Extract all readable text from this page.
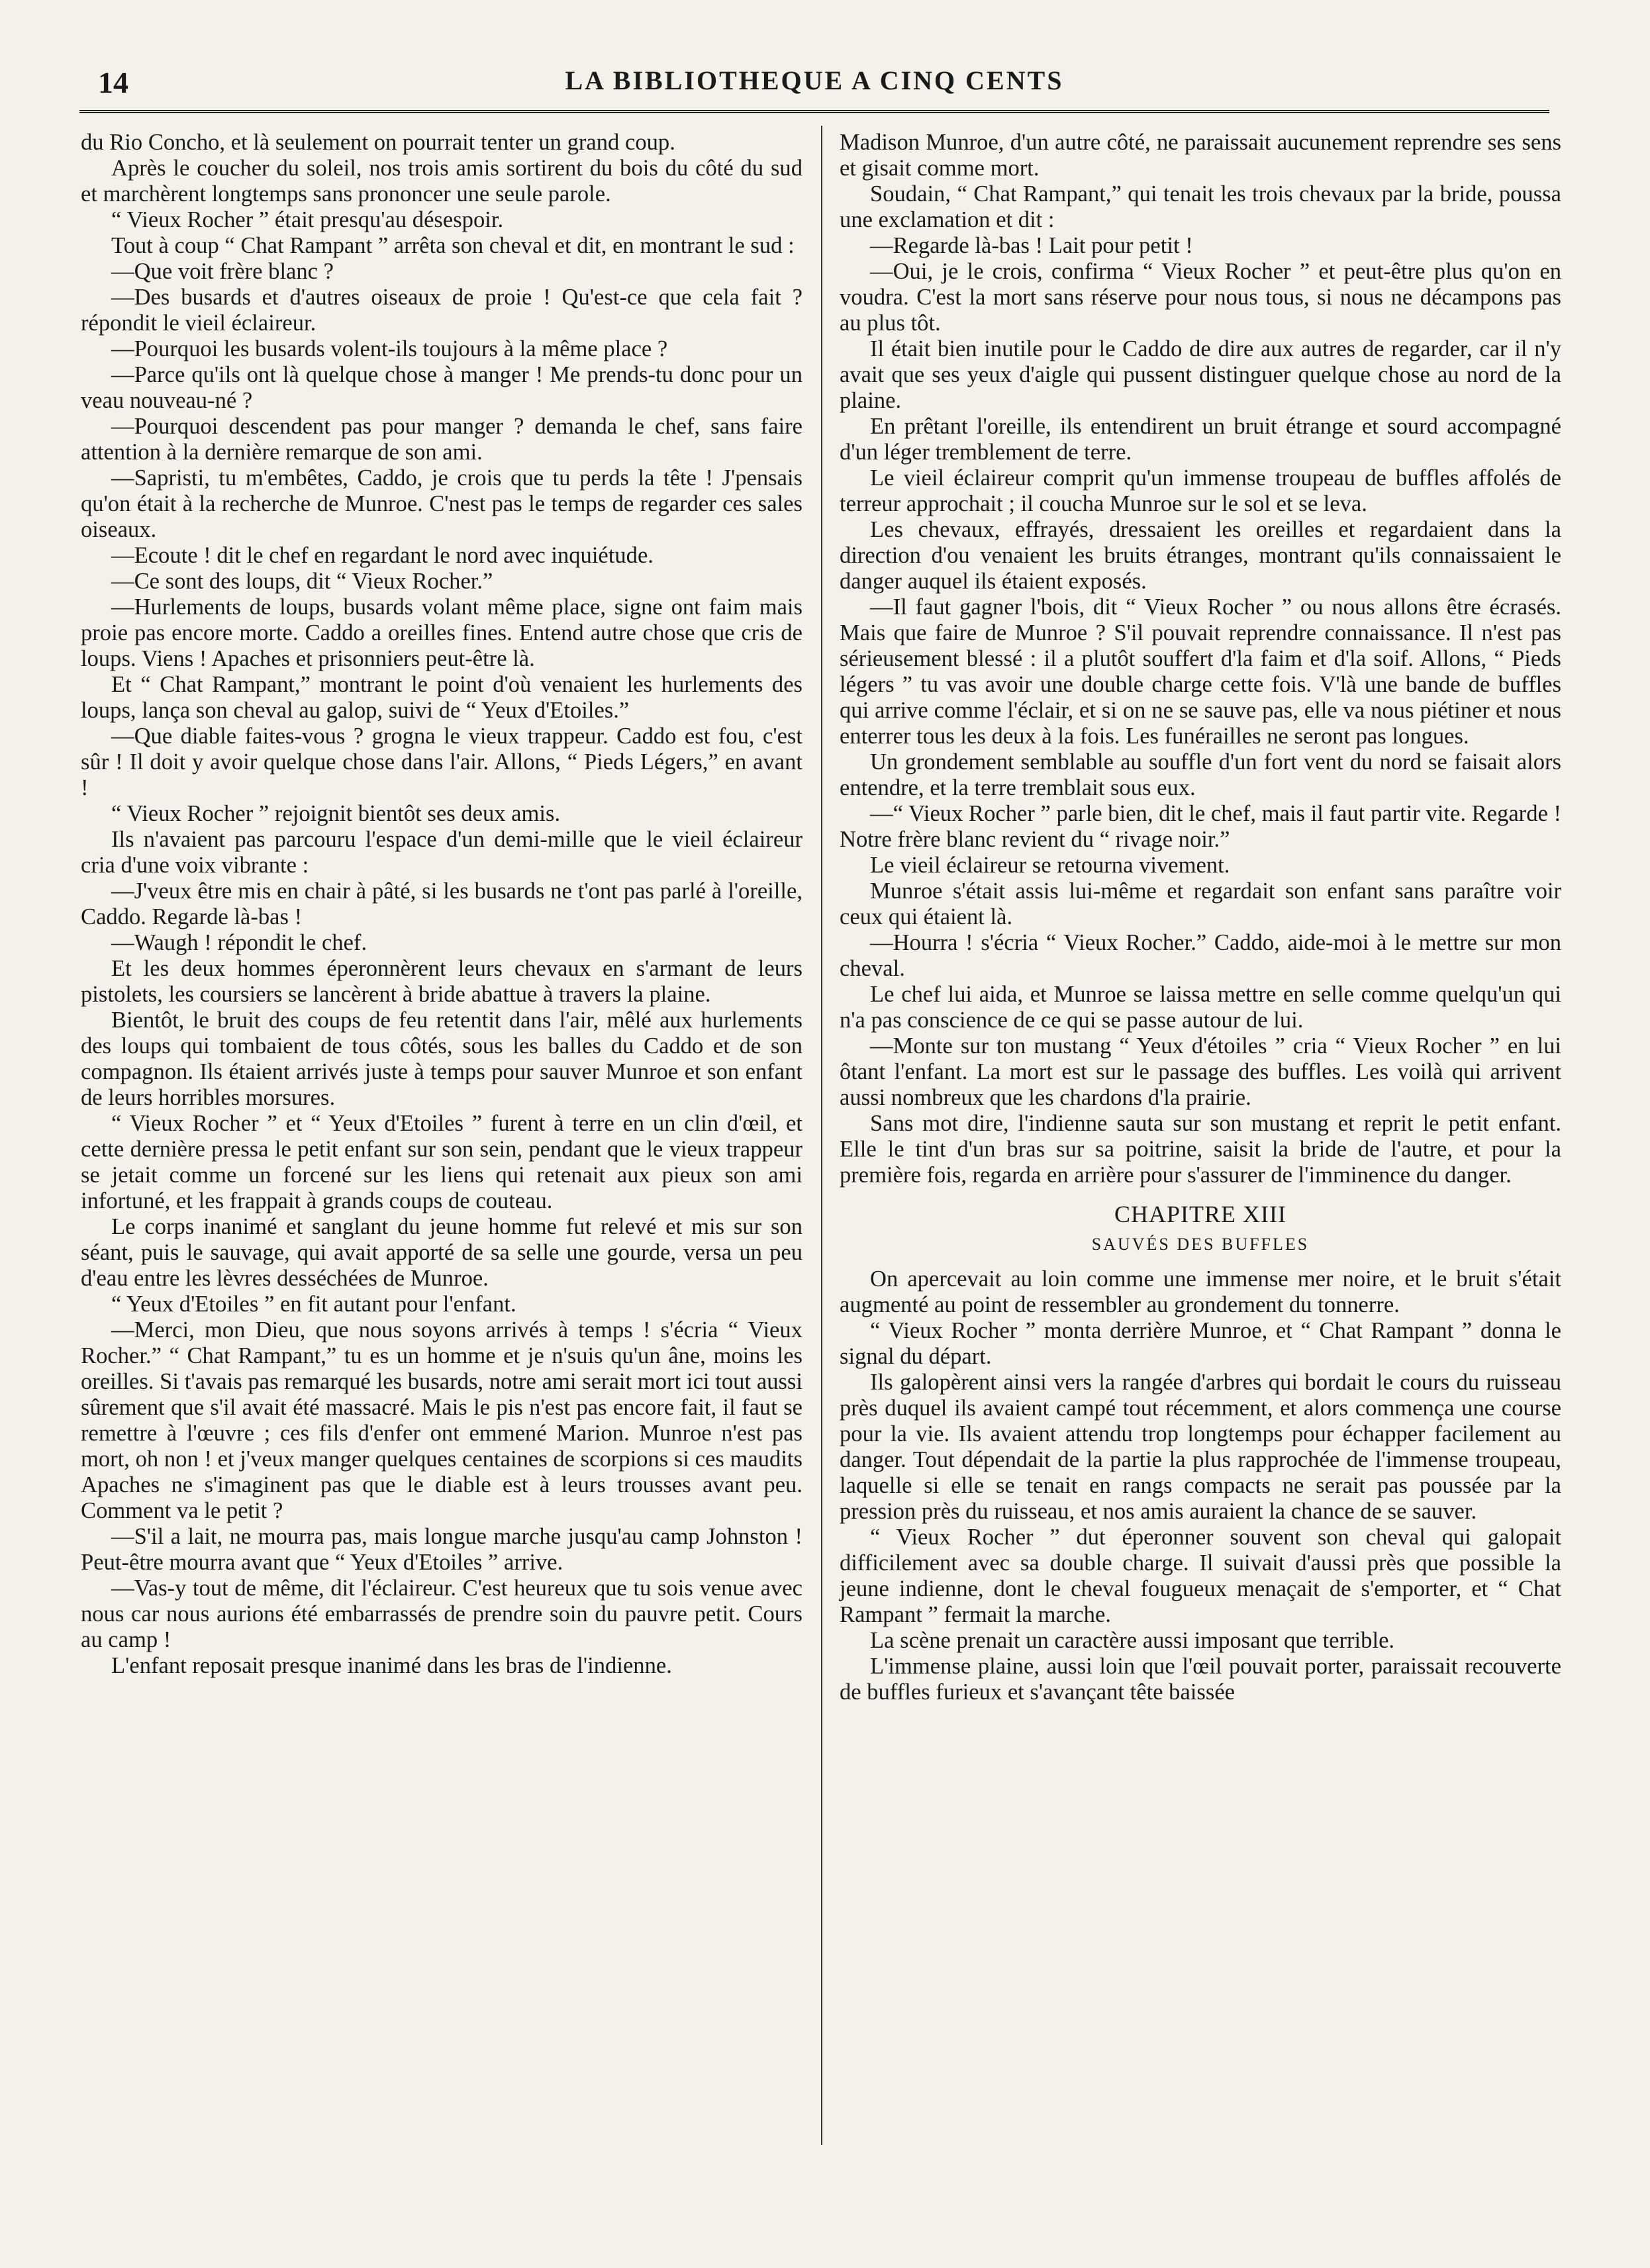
14	LA BIBLIOTHEQUE A CINQ CENTS

du Rio Concho, et là seulement on pourrait tenter un grand coup.

Après le coucher du soleil, nos trois amis sortirent du bois du côté du sud et marchèrent longtemps sans prononcer une seule parole.

“ Vieux Rocher ” était presqu'au désespoir.

Tout à coup “ Chat Rampant ” arrêta son cheval et dit, en montrant le sud :

—Que voit frère blanc ?

—Des busards et d'autres oiseaux de proie ! Qu'est-ce que cela fait ? répondit le vieil éclaireur.

—Pourquoi les busards volent-ils toujours à la même place ?

—Parce qu'ils ont là quelque chose à manger ! Me prends-tu donc pour un veau nouveau-né ?

—Pourquoi descendent pas pour manger ? demanda le chef, sans faire attention à la dernière remarque de son ami.

—Sapristi, tu m'embêtes, Caddo, je crois que tu perds la tête ! J'pensais qu'on était à la recherche de Munroe. C'nest pas le temps de regarder ces sales oiseaux.

—Ecoute ! dit le chef en regardant le nord avec inquiétude.

—Ce sont des loups, dit “ Vieux Rocher.”

—Hurlements de loups, busards volant même place, signe ont faim mais proie pas encore morte. Caddo a oreilles fines. Entend autre chose que cris de loups. Viens ! Apaches et prisonniers peut-être là.

Et “ Chat Rampant,” montrant le point d'où venaient les hurlements des loups, lança son cheval au galop, suivi de “ Yeux d'Etoiles.”

—Que diable faites-vous ? grogna le vieux trappeur. Caddo est fou, c'est sûr ! Il doit y avoir quelque chose dans l'air. Allons, “ Pieds Légers,” en avant !

“ Vieux Rocher ” rejoignit bientôt ses deux amis.

Ils n'avaient pas parcouru l'espace d'un demi-mille que le vieil éclaireur cria d'une voix vibrante :

—J'veux être mis en chair à pâté, si les busards ne t'ont pas parlé à l'oreille, Caddo. Regarde là-bas !

—Waugh ! répondit le chef.

Et les deux hommes éperonnèrent leurs chevaux en s'armant de leurs pistolets, les coursiers se lancèrent à bride abattue à travers la plaine.

Bientôt, le bruit des coups de feu retentit dans l'air, mêlé aux hurlements des loups qui tombaient de tous côtés, sous les balles du Caddo et de son compagnon. Ils étaient arrivés juste à temps pour sauver Munroe et son enfant de leurs horribles morsures.

“ Vieux Rocher ” et “ Yeux d'Etoiles ” furent à terre en un clin d'œil, et cette dernière pressa le petit enfant sur son sein, pendant que le vieux trappeur se jetait comme un forcené sur les liens qui retenait aux pieux son ami infortuné, et les frappait à grands coups de couteau.

Le corps inanimé et sanglant du jeune homme fut relevé et mis sur son séant, puis le sauvage, qui avait apporté de sa selle une gourde, versa un peu d'eau entre les lèvres desséchées de Munroe.

“ Yeux d'Etoiles ” en fit autant pour l'enfant.

—Merci, mon Dieu, que nous soyons arrivés à temps ! s'écria “ Vieux Rocher.” “ Chat Rampant,” tu es un homme et je n'suis qu'un âne, moins les oreilles. Si t'avais pas remarqué les busards, notre ami serait mort ici tout aussi sûrement que s'il avait été massacré. Mais le pis n'est pas encore fait, il faut se remettre à l'œuvre ; ces fils d'enfer ont emmené Marion. Munroe n'est pas mort, oh non ! et j'veux manger quelques centaines de scorpions si ces maudits Apaches ne s'imaginent pas que le diable est à leurs trousses avant peu. Comment va le petit ?

—S'il a lait, ne mourra pas, mais longue marche jusqu'au camp Johnston ! Peut-être mourra avant que “ Yeux d'Etoiles ” arrive.

—Vas-y tout de même, dit l'éclaireur. C'est heureux que tu sois venue avec nous car nous aurions été embarrassés de prendre soin du pauvre petit. Cours au camp !

L'enfant reposait presque inanimé dans les bras de l'indienne.

Madison Munroe, d'un autre côté, ne paraissait aucunement reprendre ses sens et gisait comme mort.

Soudain, “ Chat Rampant,” qui tenait les trois chevaux par la bride, poussa une exclamation et dit :

—Regarde là-bas ! Lait pour petit !

—Oui, je le crois, confirma “ Vieux Rocher ” et peut-être plus qu'on en voudra. C'est la mort sans réserve pour nous tous, si nous ne décampons pas au plus tôt.

Il était bien inutile pour le Caddo de dire aux autres de regarder, car il n'y avait que ses yeux d'aigle qui pussent distinguer quelque chose au nord de la plaine.

En prêtant l'oreille, ils entendirent un bruit étrange et sourd accompagné d'un léger tremblement de terre.

Le vieil éclaireur comprit qu'un immense troupeau de buffles affolés de terreur approchait ; il coucha Munroe sur le sol et se leva.

Les chevaux, effrayés, dressaient les oreilles et regardaient dans la direction d'ou venaient les bruits étranges, montrant qu'ils connaissaient le danger auquel ils étaient exposés.

—Il faut gagner l'bois, dit “ Vieux Rocher ” ou nous allons être écrasés. Mais que faire de Munroe ? S'il pouvait reprendre connaissance. Il n'est pas sérieusement blessé : il a plutôt souffert d'la faim et d'la soif. Allons, “ Pieds légers ” tu vas avoir une double charge cette fois. V'là une bande de buffles qui arrive comme l'éclair, et si on ne se sauve pas, elle va nous piétiner et nous enterrer tous les deux à la fois. Les funérailles ne seront pas longues.

Un grondement semblable au souffle d'un fort vent du nord se faisait alors entendre, et la terre tremblait sous eux.

—“ Vieux Rocher ” parle bien, dit le chef, mais il faut partir vite. Regarde ! Notre frère blanc revient du “ rivage noir.”

Le vieil éclaireur se retourna vivement.

Munroe s'était assis lui-même et regardait son enfant sans paraître voir ceux qui étaient là.

—Hourra ! s'écria “ Vieux Rocher.” Caddo, aide-moi à le mettre sur mon cheval.

Le chef lui aida, et Munroe se laissa mettre en selle comme quelqu'un qui n'a pas conscience de ce qui se passe autour de lui.

—Monte sur ton mustang “ Yeux d'étoiles ” cria “ Vieux Rocher ” en lui ôtant l'enfant. La mort est sur le passage des buffles. Les voilà qui arrivent aussi nombreux que les chardons d'la prairie.

Sans mot dire, l'indienne sauta sur son mustang et reprit le petit enfant. Elle le tint d'un bras sur sa poitrine, saisit la bride de l'autre, et pour la première fois, regarda en arrière pour s'assurer de l'imminence du danger.

CHAPITRE XIII
SAUVÉS DES BUFFLES

On apercevait au loin comme une immense mer noire, et le bruit s'était augmenté au point de ressembler au grondement du tonnerre.

“ Vieux Rocher ” monta derrière Munroe, et “ Chat Rampant ” donna le signal du départ.

Ils galopèrent ainsi vers la rangée d'arbres qui bordait le cours du ruisseau près duquel ils avaient campé tout récemment, et alors commença une course pour la vie. Ils avaient attendu trop longtemps pour échapper facilement au danger. Tout dépendait de la partie la plus rapprochée de l'immense troupeau, laquelle si elle se tenait en rangs compacts ne serait pas poussée par la pression près du ruisseau, et nos amis auraient la chance de se sauver.

“ Vieux Rocher ” dut éperonner souvent son cheval qui galopait difficilement avec sa double charge. Il suivait d'aussi près que possible la jeune indienne, dont le cheval fougueux menaçait de s'emporter, et “ Chat Rampant ” fermait la marche.

La scène prenait un caractère aussi imposant que terrible.

L'immense plaine, aussi loin que l'œil pouvait porter, paraissait recouverte de buffles furieux et s'avançant tête baissée
